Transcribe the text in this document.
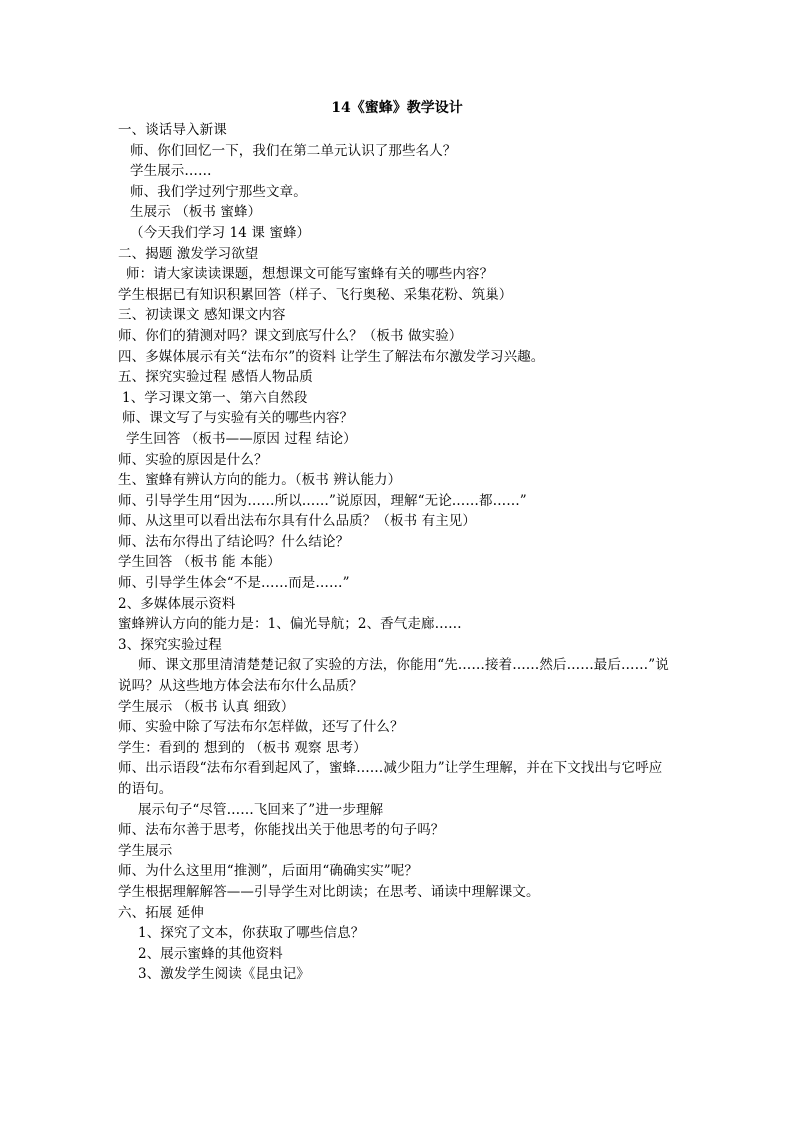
14《蜜蜂》教学设计
一、谈话导入新课
师、你们回忆一下，我们在第二单元认识了那些名人？
学生展示……
师、我们学过列宁那些文章。
生展示 （板书 蜜蜂）
（今天我们学习 14 课 蜜蜂）
二、揭题 激发学习欲望
师：请大家读读课题，想想课文可能写蜜蜂有关的哪些内容？
学生根据已有知识积累回答（样子、飞行奥秘、采集花粉、筑巢）
三、初读课文 感知课文内容
师、你们的猜测对吗？课文到底写什么？（板书 做实验）
四、多媒体展示有关“法布尔”的资料 让学生了解法布尔激发学习兴趣。
五、探究实验过程 感悟人物品质
1、学习课文第一、第六自然段
师、课文写了与实验有关的哪些内容？
学生回答 （板书——原因 过程 结论）
师、实验的原因是什么？
生、蜜蜂有辨认方向的能力。（板书 辨认能力）
师、引导学生用“因为……所以……”说原因，理解“无论……都……”
师、从这里可以看出法布尔具有什么品质？（板书 有主见）
师、法布尔得出了结论吗？什么结论？
学生回答 （板书 能 本能）
师、引导学生体会“不是……而是……”
2、多媒体展示资料
蜜蜂辨认方向的能力是：1、偏光导航；2、香气走廊……
3、探究实验过程
师、课文那里清清楚楚记叙了实验的方法，你能用“先……接着……然后……最后……”说
说吗？从这些地方体会法布尔什么品质？
学生展示 （板书 认真 细致）
师、实验中除了写法布尔怎样做，还写了什么？
学生：看到的 想到的 （板书 观察 思考）
师、出示语段“法布尔看到起风了，蜜蜂……减少阻力”让学生理解，并在下文找出与它呼应
的语句。
展示句子“尽管……飞回来了”进一步理解
师、法布尔善于思考，你能找出关于他思考的句子吗？
学生展示
师、为什么这里用“推测”，后面用“确确实实”呢？
学生根据理解解答——引导学生对比朗读；在思考、诵读中理解课文。
六、拓展 延伸
1、探究了文本，你获取了哪些信息？
2、展示蜜蜂的其他资料
3、激发学生阅读《昆虫记》
